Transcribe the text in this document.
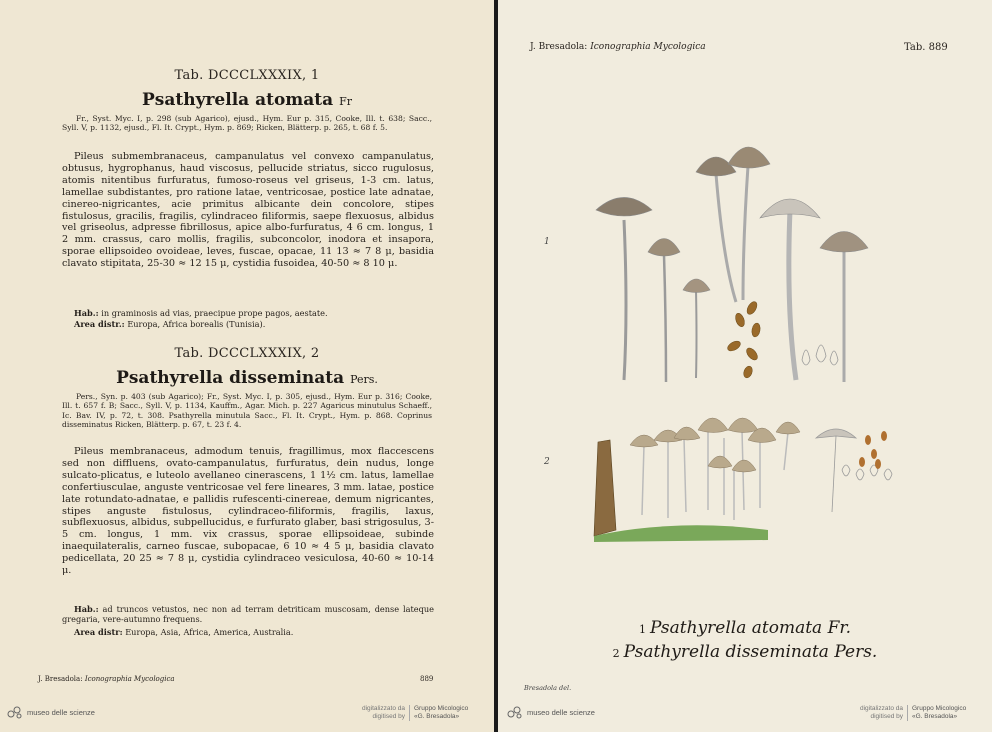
Tab. DCCCLXXXIX, 1
Psathyrella atomata Fr
Fr., Syst. Myc. I, p. 298 (sub Agarico), ejusd., Hym. Eur p. 315, Cooke, Ill. t. 638; Sacc., Syll. V, p. 1132, ejusd., Fl. It. Crypt., Hym. p. 869; Ricken, Blätterp. p. 265, t. 68 f. 5.
Pileus submembranaceus, campanulatus vel convexo campanulatus, obtusus, hygrophanus, haud viscosus, pellucide striatus, sicco rugulosus, atomis nitentibus furfuratus, fumoso-roseus vel griseus, 1-3 cm. latus, lamellae subdistantes, pro ratione latae, ventricosae, postice late adnatae, cinereo-nigricantes, acie primitus albicante dein concolore, stipes fistulosus, gracilis, fragilis, cylindraceo filiformis, saepe flexuosus, albidus vel griseolus, adpresse fibrillosus, apice albo-furfuratus, 4 6 cm. longus, 1 2 mm. crassus, caro mollis, fragilis, subconcolor, inodora et insapora, sporae ellipsoideo ovoideae, leves, fuscae, opacae, 11 13 ≈ 7 8 μ, basidia clavato stipitata, 25-30 ≈ 12 15 μ, cystidia fusoidea, 40-50 ≈ 8 10 μ.
Hab.: in graminosis ad vias, praecipue prope pagos, aestate.
Area distr.: Europa, Africa borealis (Tunisia).
Tab. DCCCLXXXIX, 2
Psathyrella disseminata Pers.
Pers., Syn. p. 403 (sub Agarico); Fr., Syst. Myc. I, p. 305, ejusd., Hym. Eur p. 316; Cooke, Ill. t. 657 f. B; Sacc., Syll. V, p. 1134, Kauffm., Agar. Mich. p. 227 Agaricus minutulus Schaeff., Ic. Bav. IV, p. 72, t. 308. Psathyrella minutula Sacc., Fl. It. Crypt., Hym. p. 868. Coprinus disseminatus Ricken, Blätterp. p. 67, t. 23 f. 4.
Pileus membranaceus, admodum tenuis, fragillimus, mox flaccescens sed non diffluens, ovato-campanulatus, furfuratus, dein nudus, longe sulcato-plicatus, e luteolo avellaneo cinerascens, 1 1½ cm. latus, lamellae confertiusculae, anguste ventricosae vel fere lineares, 3 mm. latae, postice late rotundato-adnatae, e pallidis rufescenti-cinereae, demum nigricantes, stipes anguste fistulosus, cylindraceo-filiformis, fragilis, laxus, subflexuosus, albidus, subpellucidus, e furfurato glaber, basi strigosulus, 3-5 cm. longus, 1 mm. vix crassus, sporae ellipsoideae, subinde inaequilateralis, carneo fuscae, subopacae, 6 10 ≈ 4 5 μ, basidia clavato pedicellata, 20 25 ≈ 7 8 μ, cystidia cylindraceo vesiculosa, 40-60 ≈ 10-14 μ.
Hab.: ad truncos vetustos, nec non ad terram detriticam muscosam, dense lateque gregaria, vere-autumno frequens.
Area distr: Europa, Asia, Africa, America, Australia.
J. Bresadola: Iconographia Mycologica	889
museo delle scienze	digitalizzato da
digitised by
Gruppo Micologico
«G. Bresadola»
J. Bresadola: Iconographia Mycologica	Tab. 889
1
2
1 Psathyrella atomata Fr.
2 Psathyrella disseminata Pers.
Bresadola del.
museo delle scienze	digitalizzato da
digitised by
Gruppo Micologico
«G. Bresadola»
